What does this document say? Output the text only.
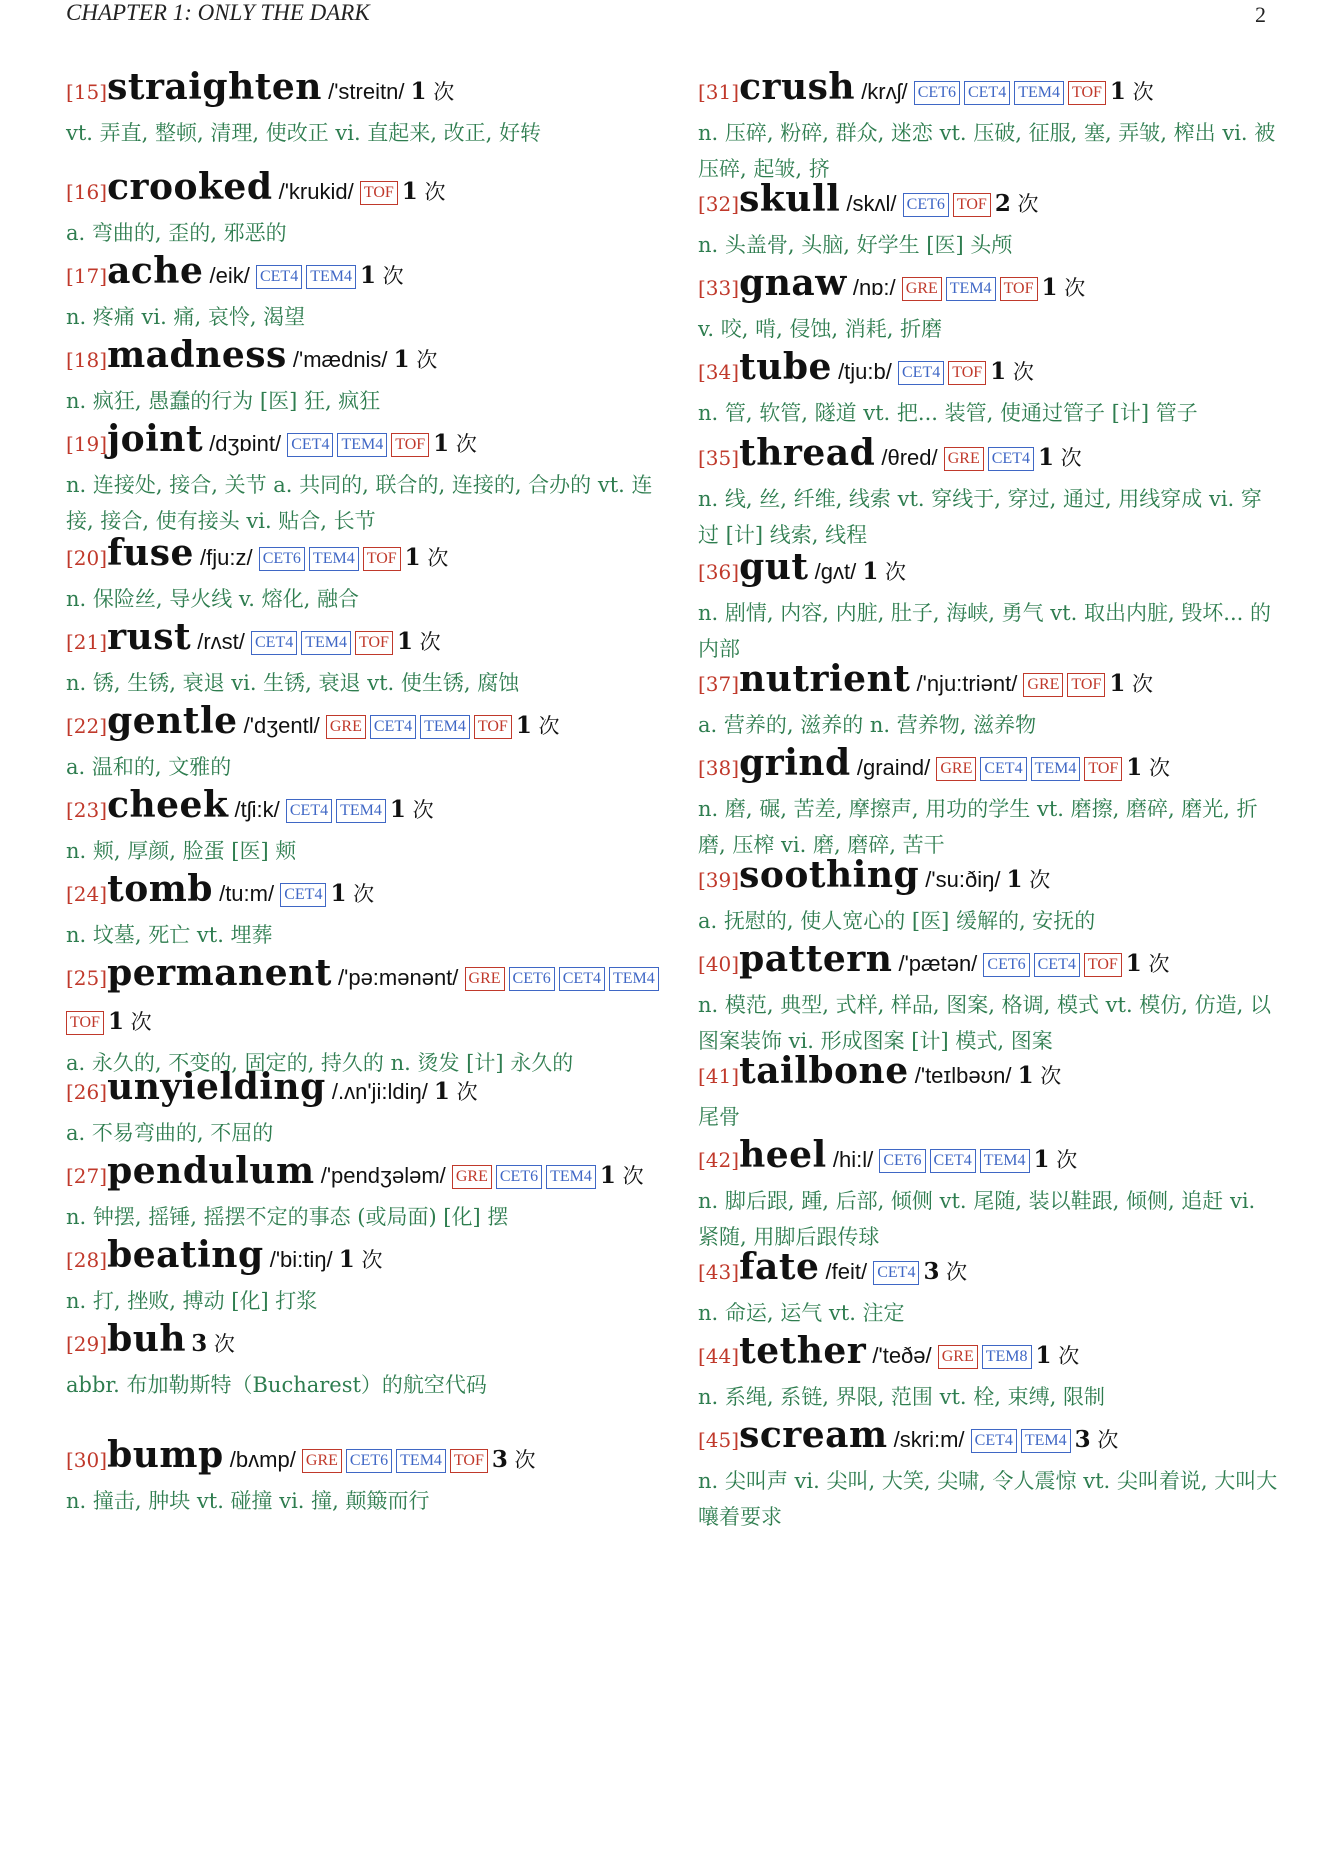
CHAPTER 1: ONLY THE DARK	2
[15]straighten /'streitn/ 1 次
vt. 弄直, 整顿, 清理, 使改正 vi. 直起来, 改正, 好转
[16]crooked /'krukid/ TOF 1 次
a. 弯曲的, 歪的, 邪恶的
[17]ache /eik/ CET4 TEM4 1 次
n. 疼痛 vi. 痛, 哀怜, 渴望
[18]madness /'mædnis/ 1 次
n. 疯狂, 愚蠢的行为 [医] 狂, 疯狂
[19]joint /dʒɒint/ CET4 TEM4 TOF 1 次
n. 连接处, 接合, 关节 a. 共同的, 联合的, 连接的, 合办的 vt. 连接, 接合, 使有接头 vi. 贴合, 长节
[20]fuse /fju:z/ CET6 TEM4 TOF 1 次
n. 保险丝, 导火线 v. 熔化, 融合
[21]rust /rʌst/ CET4 TEM4 TOF 1 次
n. 锈, 生锈, 衰退 vi. 生锈, 衰退 vt. 使生锈, 腐蚀
[22]gentle /'dʒentl/ GRE CET4 TEM4 TOF 1 次
a. 温和的, 文雅的
[23]cheek /tʃi:k/ CET4 TEM4 1 次
n. 颊, 厚颜, 脸蛋 [医] 颊
[24]tomb /tu:m/ CET4 1 次
n. 坟墓, 死亡 vt. 埋葬
[25]permanent /'pə:mənənt/ GRE CET6 CET4 TEM4TOF 1 次
a. 永久的, 不变的, 固定的, 持久的 n. 烫发 [计] 永久的
[26]unyielding /.ʌn'ji:ldiŋ/ 1 次
a. 不易弯曲的, 不屈的
[27]pendulum /'pendʒələm/ GRE CET6 TEM4 1 次
n. 钟摆, 摇锤, 摇摆不定的事态 (或局面) [化] 摆
[28]beating /'bi:tiŋ/ 1 次
n. 打, 挫败, 搏动 [化] 打浆
[29]buh 3 次
abbr. 布加勒斯特（Bucharest）的航空代码
[30]bump /bʌmp/ GRE CET6 TEM4 TOF 3 次
n. 撞击, 肿块 vt. 碰撞 vi. 撞, 颠簸而行
[31]crush /krʌʃ/ CET6 CET4 TEM4 TOF 1 次
n. 压碎, 粉碎, 群众, 迷恋 vt. 压破, 征服, 塞, 弄皱, 榨出 vi. 被压碎, 起皱, 挤
[32]skull /skʌl/ CET6 TOF 2 次
n. 头盖骨, 头脑, 好学生 [医] 头颅
[33]gnaw /nɒ:/ GRE TEM4 TOF 1 次
v. 咬, 啃, 侵蚀, 消耗, 折磨
[34]tube /tju:b/ CET4 TOF 1 次
n. 管, 软管, 隧道 vt. 把... 装管, 使通过管子 [计] 管子
[35]thread /θred/ GRE CET4 1 次
n. 线, 丝, 纤维, 线索 vt. 穿线于, 穿过, 通过, 用线穿成 vi. 穿过 [计] 线索, 线程
[36]gut /gʌt/ 1 次
n. 剧情, 内容, 内脏, 肚子, 海峡, 勇气 vt. 取出内脏, 毁坏... 的内部
[37]nutrient /'nju:triənt/ GRE TOF 1 次
a. 营养的, 滋养的 n. 营养物, 滋养物
[38]grind /graind/ GRE CET4 TEM4 TOF 1 次
n. 磨, 碾, 苦差, 摩擦声, 用功的学生 vt. 磨擦, 磨碎, 磨光, 折磨, 压榨 vi. 磨, 磨碎, 苦干
[39]soothing /'su:ðiŋ/ 1 次
a. 抚慰的, 使人宽心的 [医] 缓解的, 安抚的
[40]pattern /'pætən/ CET6 CET4 TOF 1 次
n. 模范, 典型, 式样, 样品, 图案, 格调, 模式 vt. 模仿, 仿造, 以图案装饰 vi. 形成图案 [计] 模式, 图案
[41]tailbone /'teɪlbəʊn/ 1 次
尾骨
[42]heel /hi:l/ CET6 CET4 TEM4 1 次
n. 脚后跟, 踵, 后部, 倾侧 vt. 尾随, 装以鞋跟, 倾侧, 追赶 vi. 紧随, 用脚后跟传球
[43]fate /feit/ CET4 3 次
n. 命运, 运气 vt. 注定
[44]tether /'teðə/ GRE TEM8 1 次
n. 系绳, 系链, 界限, 范围 vt. 栓, 束缚, 限制
[45]scream /skri:m/ CET4 TEM4 3 次
n. 尖叫声 vi. 尖叫, 大笑, 尖啸, 令人震惊 vt. 尖叫着说, 大叫大嚷着要求
